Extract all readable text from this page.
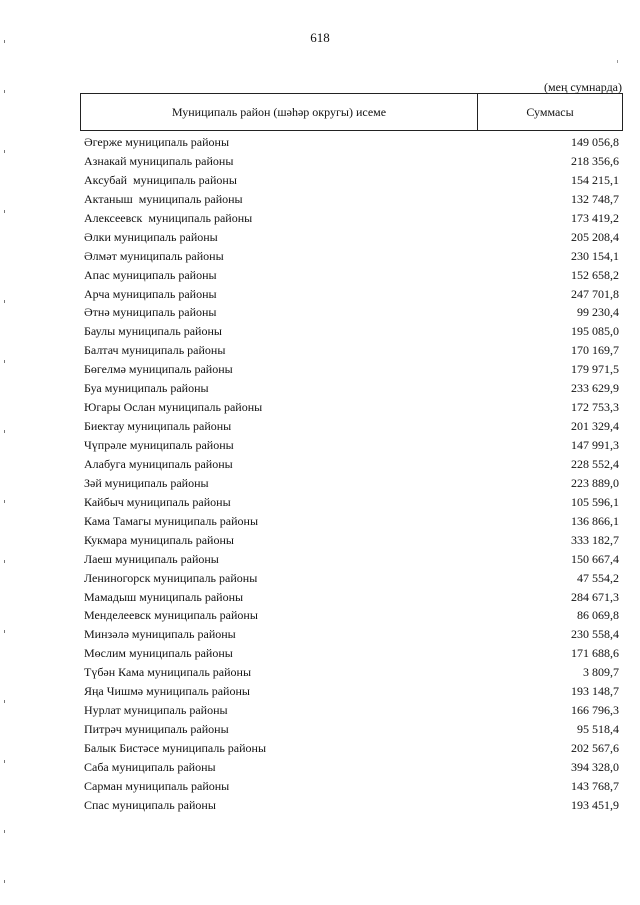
618
(мең сумнарда)
Муниципаль район (шәһәр округы) исеме	Суммасы
Әгерже муниципаль районы	149 056,8
Азнакай муниципаль районы	218 356,6
Аксубай  муниципаль районы	154 215,1
Актаныш  муниципаль районы	132 748,7
Алексеевск  муниципаль районы	173 419,2
Әлки муниципаль районы	205 208,4
Әлмәт муниципаль районы	230 154,1
Апас муниципаль районы	152 658,2
Арча муниципаль районы	247 701,8
Әтнә муниципаль районы	99 230,4
Баулы муниципаль районы	195 085,0
Балтач муниципаль районы	170 169,7
Бөгелмә муниципаль районы	179 971,5
Буа муниципаль районы	233 629,9
Югары Ослан муниципаль районы	172 753,3
Биектау муниципаль районы	201 329,4
Чүпрәле муниципаль районы	147 991,3
Алабуга муниципаль районы	228 552,4
Зәй муниципаль районы	223 889,0
Кайбыч муниципаль районы	105 596,1
Кама Тамагы муниципаль районы	136 866,1
Кукмара муниципаль районы	333 182,7
Лаеш муниципаль районы	150 667,4
Лениногорск муниципаль районы	47 554,2
Мамадыш муниципаль районы	284 671,3
Менделеевск муниципаль районы	86 069,8
Минзәлә муниципаль районы	230 558,4
Мөслим муниципаль районы	171 688,6
Түбән Кама муниципаль районы	3 809,7
Яңа Чишмә муниципаль районы	193 148,7
Нурлат муниципаль районы	166 796,3
Питрәч муниципаль районы	95 518,4
Балык Бистәсе муниципаль районы	202 567,6
Саба муниципаль районы	394 328,0
Сарман муниципаль районы	143 768,7
Спас муниципаль районы	193 451,9
